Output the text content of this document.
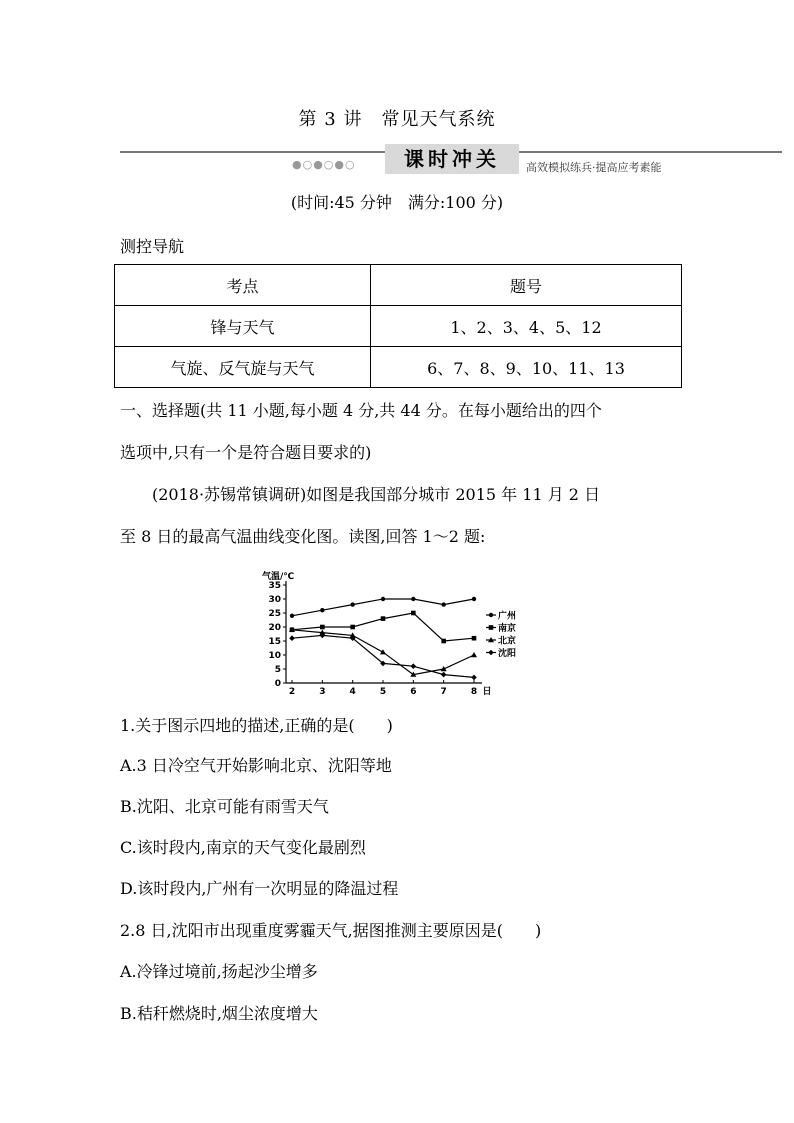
第 3 讲　常见天气系统
●○●○●○	课时冲关	高效模拟练兵·提高应考素能
(时间:45 分钟　满分:100 分)
测控导航
考点	题号
锋与天气	1、2、3、4、5、12
气旋、反气旋与天气	6、7、8、9、10、11、13
一、选择题(共 11 小题,每小题 4 分,共 44 分。在每小题给出的四个
选项中,只有一个是符合题目要求的)
(2018·苏锡常镇调研)如图是我国部分城市 2015 年 11 月 2 日
至 8 日的最高气温曲线变化图。读图,回答 1～2 题:
0
5
10
15
20
25
30
35
2	3	4	5	6	7	8 日
气温/℃
广州
南京
北京
沈阳
1.关于图示四地的描述,正确的是(　　)
A.3 日冷空气开始影响北京、沈阳等地
B.沈阳、北京可能有雨雪天气
C.该时段内,南京的天气变化最剧烈
D.该时段内,广州有一次明显的降温过程
2.8 日,沈阳市出现重度雾霾天气,据图推测主要原因是(　　)
A.冷锋过境前,扬起沙尘增多
B.秸秆燃烧时,烟尘浓度增大
